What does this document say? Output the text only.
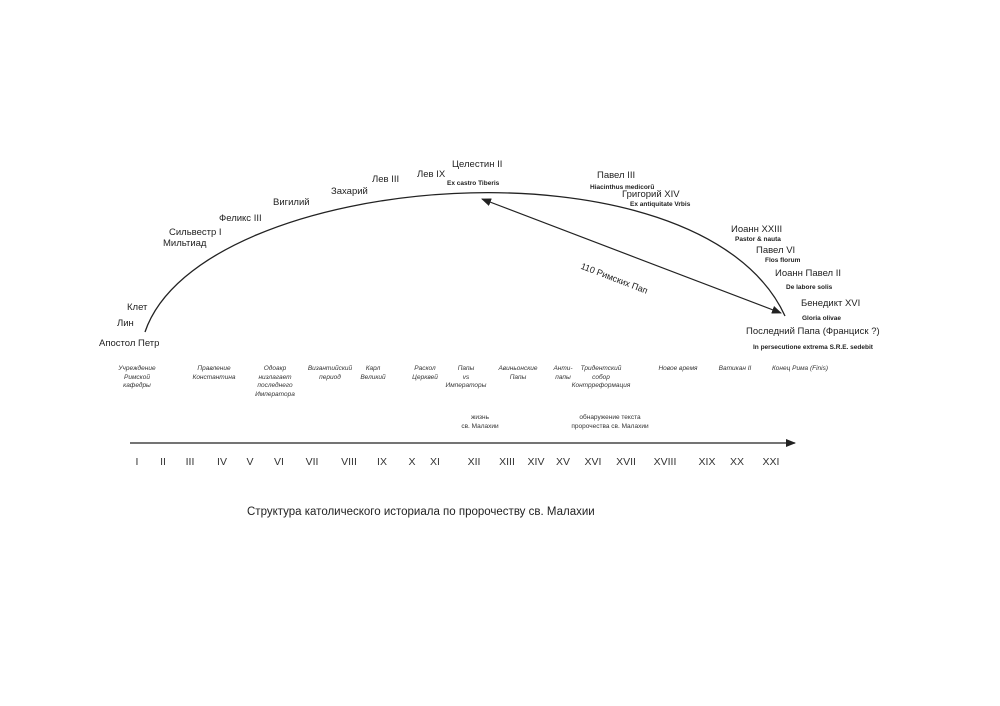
Апостол Петр
Лин
Клет
Мильтиад
Сильвестр I
Феликс III
Вигилий
Захарий
Лев III Лев IX
Целестин II
Ex castro Tiberis
Павел III
Hiacinthus medicorũ
Григорий XIV
Ex antiquitate Vrbis
Иоанн XXIII
Pastor & nauta
Павел VI
Flos florum
Иоанн Павел II
De labore solis
Бенедикт XVI
Gloria olivae
Последний Папа (Франциск ?)
In persecutione extrema S.R.E. sedebit
110 Римских Пап
Учреждение
Римской
кафедры
Правление
Константина
Одоакр
низлагает
последнего
Императора
Византийский
период
Карл
Великий
Раскол
Церквей
Папы
vs
Императоры
Авиньонские
Папы
Анти-
папы
Тридентский
собор
Контрреформация
Новое время	Ватикан II	Конец Рима (Finis)
жизнь
св. Малахии
обнаружение текста
пророчества св. Малахии
I II III IV V VI VII VIII IX X XI	XII XIII XIV XV XVI XVII XVIII XIX XX XXI
Структура католического историала по пророчеству св. Малахии
